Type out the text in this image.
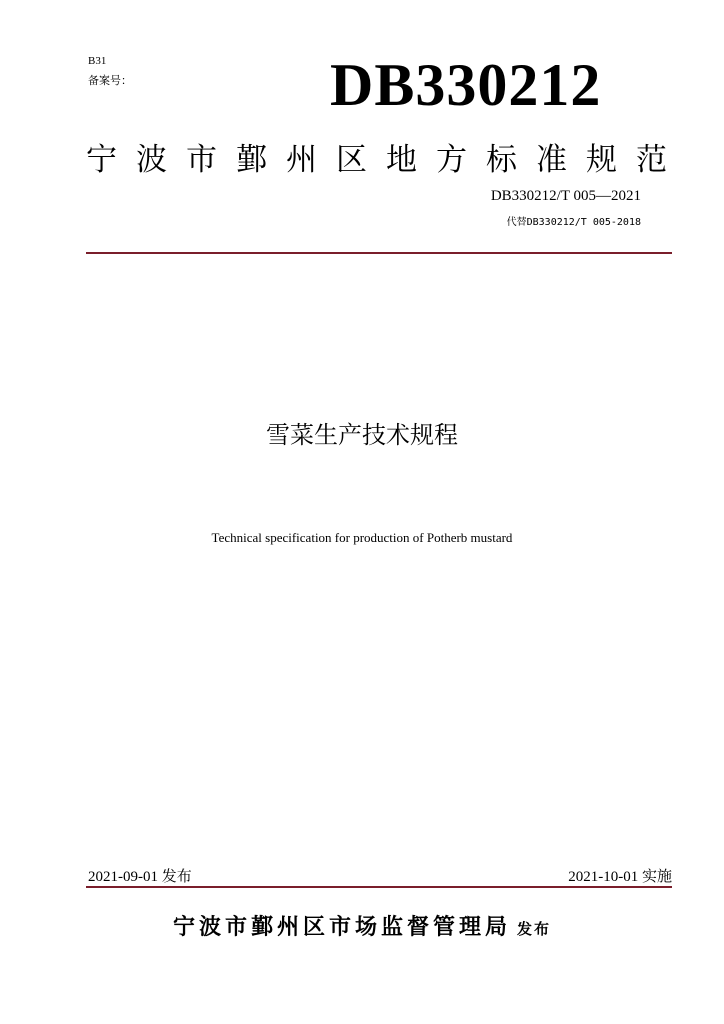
B31
备案号：	DB330212
宁波市鄞州区地方标准规范
DB330212/T 005—2021
代替DB330212/T 005-2018
雪菜生产技术规程
Technical specification for production of Potherb mustard
2021-09-01 发布	2021-10-01 实施
宁波市鄞州区市场监督管理局 发布
